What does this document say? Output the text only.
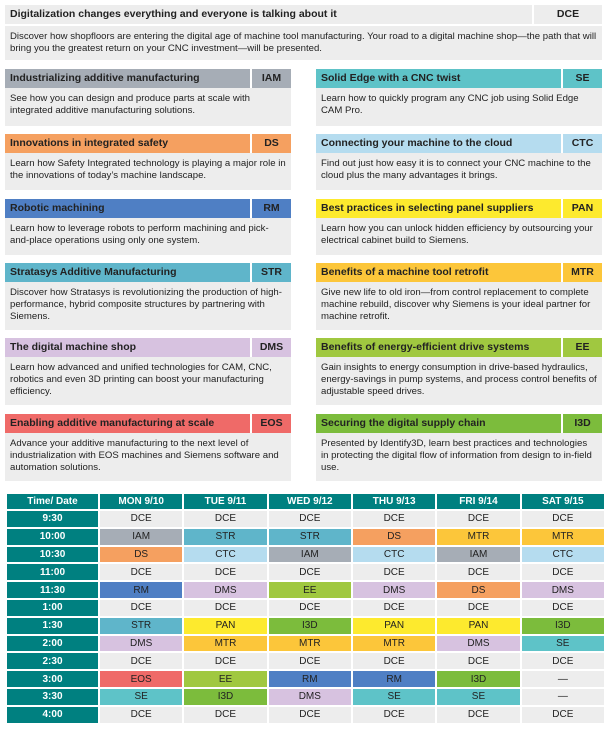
Digitalization changes everything and everyone is talking about it	DCE
Discover how shopfloors are entering the digital age of machine tool manufacturing. Your road to a digital machine shop—the path that will bring you the greatest return on your CNC investment—will be presented.
Industrializing additive manufacturing	IAM
See how you can design and produce parts at scale with integrated additive manufacturing solutions.
Innovations in integrated safety	DS
Learn how Safety Integrated technology is playing a major role in the innovations of today’s machine landscape.
Robotic machining	RM
Learn how to leverage robots to perform machining and pick-and-place operations using only one system.
Stratasys Additive Manufacturing	STR
Discover how Stratasys is revolutionizing the production of high-performance, hybrid composite structures by partnering with Siemens.
The digital machine shop	DMS
Learn how advanced and unified technologies for CAM, CNC, robotics and even 3D printing can boost your manufacturing efficiency.
Enabling additive manufacturing at scale	EOS
Advance your additive manufacturing to the next level of industrialization with EOS machines and Siemens software and automation solutions.
Solid Edge with a CNC twist	SE
Learn how to quickly program any CNC job using Solid Edge CAM Pro.
Connecting your machine to the cloud	CTC
Find out just how easy it is to connect your CNC machine to the cloud plus the many advantages it brings.
Best practices in selecting panel suppliers	PAN
Learn how you can unlock hidden efficiency by outsourcing your electrical cabinet build to Siemens.
Benefits of a machine tool retrofit	MTR
Give new life to old iron—from control replacement to complete machine rebuild, discover why Siemens is your ideal partner for machine retrofit.
Benefits of energy-efficient drive systems	EE
Gain insights to energy consumption in drive-based hydraulics, energy-savings in pump systems, and process control benefits of adjustable speed drives.
Securing the digital supply chain	I3D
Presented by Identify3D, learn best practices and technologies in protecting the digital flow of information from design to in-field use.
Time/ Date	MON 9/10	TUE 9/11	WED 9/12	THU 9/13	FRI 9/14	SAT 9/15
9:30	DCE	DCE	DCE	DCE	DCE	DCE
10:00	IAM	STR	STR	DS	MTR	MTR
10:30	DS	CTC	IAM	CTC	IAM	CTC
11:00	DCE	DCE	DCE	DCE	DCE	DCE
11:30	RM	DMS	EE	DMS	DS	DMS
1:00	DCE	DCE	DCE	DCE	DCE	DCE
1:30	STR	PAN	I3D	PAN	PAN	I3D
2:00	DMS	MTR	MTR	MTR	DMS	SE
2:30	DCE	DCE	DCE	DCE	DCE	DCE
3:00	EOS	EE	RM	RM	I3D	—
3:30	SE	I3D	DMS	SE	SE	—
4:00	DCE	DCE	DCE	DCE	DCE	DCE
